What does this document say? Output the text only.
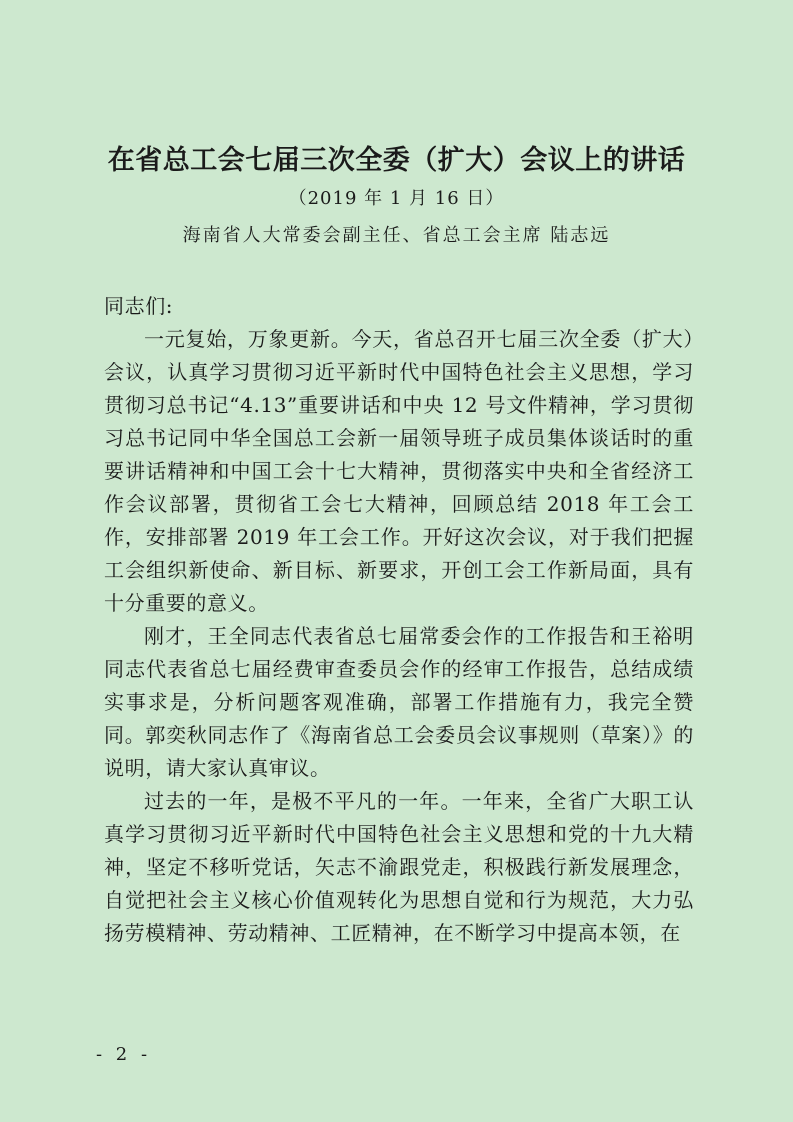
在省总工会七届三次全委（扩大）会议上的讲话
（2019 年 1 月 16 日）
海南省人大常委会副主任、省总工会主席 陆志远

同志们:

一元复始，万象更新。今天，省总召开七届三次全委（扩大）会议，认真学习贯彻习近平新时代中国特色社会主义思想，学习贯彻习总书记“4.13”重要讲话和中央 12 号文件精神，学习贯彻习总书记同中华全国总工会新一届领导班子成员集体谈话时的重要讲话精神和中国工会十七大精神，贯彻落实中央和全省经济工作会议部署，贯彻省工会七大精神，回顾总结 2018 年工会工作，安排部署 2019 年工会工作。开好这次会议，对于我们把握工会组织新使命、新目标、新要求，开创工会工作新局面，具有十分重要的意义。

刚才，王全同志代表省总七届常委会作的工作报告和王裕明同志代表省总七届经费审查委员会作的经审工作报告，总结成绩实事求是，分析问题客观准确，部署工作措施有力，我完全赞同。郭奕秋同志作了《海南省总工会委员会议事规则（草案）》的说明，请大家认真审议。

过去的一年，是极不平凡的一年。一年来，全省广大职工认真学习贯彻习近平新时代中国特色社会主义思想和党的十九大精神，坚定不移听党话，矢志不渝跟党走，积极践行新发展理念，自觉把社会主义核心价值观转化为思想自觉和行为规范，大力弘扬劳模精神、劳动精神、工匠精神，在不断学习中提高本领，在

- 2 -
